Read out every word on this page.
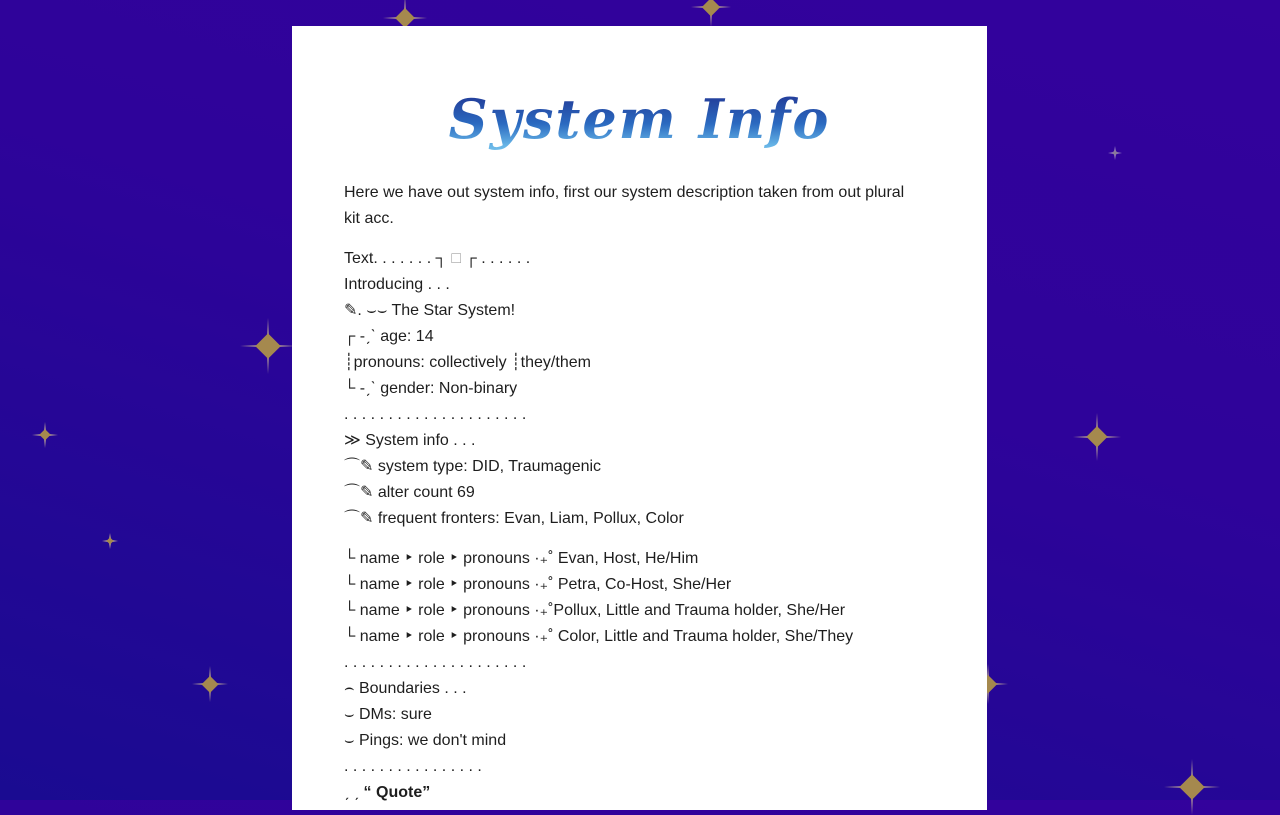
System Info

Here we have out system info, first our system description taken from out plural kit acc.

Text. . . . . . . ┐ □ ┌ . . . . . .
Introducing . . .
✎. ⌣⌣ The Star System!
┌ -ˏˋ age: 14
┊pronouns: collectively ┊they/them
└ -ˏˋ gender: Non-binary
. . . . . . . . . . . . . . . . . . . . .
≫ System info . . .
⌒✎ system type: DID, Traumagenic
⌒✎ alter count 69
⌒✎ frequent fronters: Evan, Liam, Pollux, Color
└ name ‣ role ‣ pronouns ·₊˚ Evan, Host, He/Him
└ name ‣ role ‣ pronouns ·₊˚ Petra, Co-Host, She/Her
└ name ‣ role ‣ pronouns ·₊˚Pollux, Little and Trauma holder, She/Her
└ name ‣ role ‣ pronouns ·₊˚ Color, Little and Trauma holder, She/They
. . . . . . . . . . . . . . . . . . . . .
⌢ Boundaries . . .
⌣ DMs: sure
⌣ Pings: we don't mind
. . . . . . . . . . . . . . . .
ˏ ˏ “ Quote”
